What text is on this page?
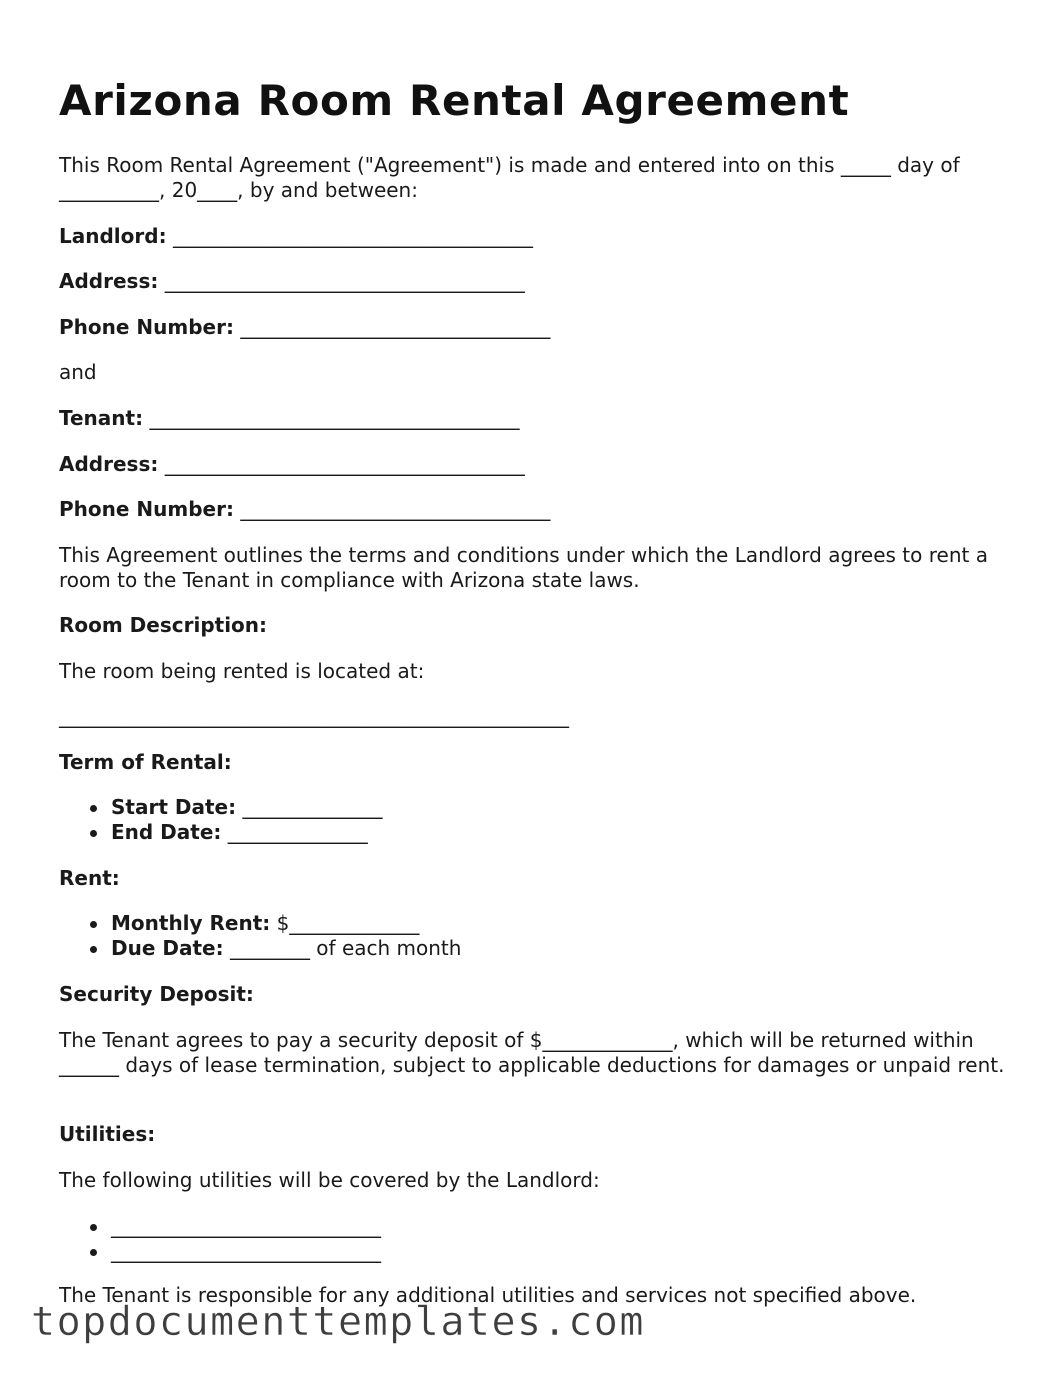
Arizona Room Rental Agreement

This Room Rental Agreement ("Agreement") is made and entered into on this _____ day of __________, 20____, by and between:

Landlord: ____________________________________

Address: ____________________________________

Phone Number: _______________________________

and

Tenant: _____________________________________

Address: ____________________________________

Phone Number: _______________________________

This Agreement outlines the terms and conditions under which the Landlord agrees to rent a room to the Tenant in compliance with Arizona state laws.

Room Description:

The room being rented is located at:

___________________________________________________

Term of Rental:

Start Date: ______________
End Date: ______________

Rent:

Monthly Rent: $_____________
Due Date: ________ of each month

Security Deposit:

The Tenant agrees to pay a security deposit of $_____________, which will be returned within ______ days of lease termination, subject to applicable deductions for damages or unpaid rent.

Utilities:

The following utilities will be covered by the Landlord:

___________________________
___________________________

The Tenant is responsible for any additional utilities and services not specified above.

topdocumenttemplates.com
